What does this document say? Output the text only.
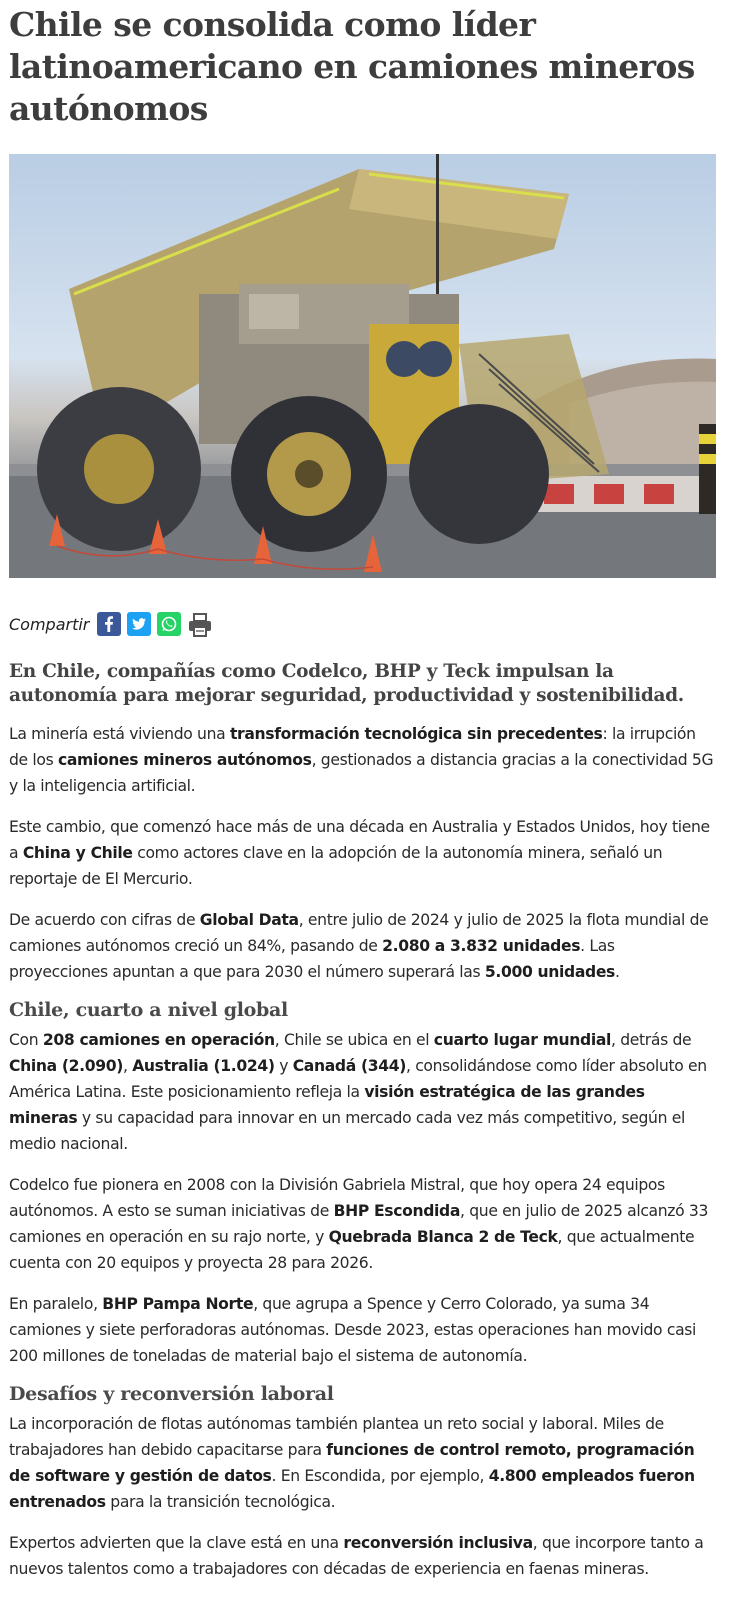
Chile se consolida como líder latinoamericano en camiones mineros autónomos
Compartir
En Chile, compañías como Codelco, BHP y Teck impulsan la autonomía para mejorar seguridad, productividad y sostenibilidad.

La minería está viviendo una transformación tecnológica sin precedentes: la irrupción de los camiones mineros autónomos, gestionados a distancia gracias a la conectividad 5G y la inteligencia artificial.

Este cambio, que comenzó hace más de una década en Australia y Estados Unidos, hoy tiene a China y Chile como actores clave en la adopción de la autonomía minera, señaló un reportaje de El Mercurio.

De acuerdo con cifras de Global Data, entre julio de 2024 y julio de 2025 la flota mundial de camiones autónomos creció un 84%, pasando de 2.080 a 3.832 unidades. Las proyecciones apuntan a que para 2030 el número superará las 5.000 unidades.

Chile, cuarto a nivel global

Con 208 camiones en operación, Chile se ubica en el cuarto lugar mundial, detrás de China (2.090), Australia (1.024) y Canadá (344), consolidándose como líder absoluto en América Latina. Este posicionamiento refleja la visión estratégica de las grandes mineras y su capacidad para innovar en un mercado cada vez más competitivo, según el medio nacional.

Codelco fue pionera en 2008 con la División Gabriela Mistral, que hoy opera 24 equipos autónomos. A esto se suman iniciativas de BHP Escondida, que en julio de 2025 alcanzó 33 camiones en operación en su rajo norte, y Quebrada Blanca 2 de Teck, que actualmente cuenta con 20 equipos y proyecta 28 para 2026.

En paralelo, BHP Pampa Norte, que agrupa a Spence y Cerro Colorado, ya suma 34 camiones y siete perforadoras autónomas. Desde 2023, estas operaciones han movido casi 200 millones de toneladas de material bajo el sistema de autonomía.

Desafíos y reconversión laboral

La incorporación de flotas autónomas también plantea un reto social y laboral. Miles de trabajadores han debido capacitarse para funciones de control remoto, programación de software y gestión de datos. En Escondida, por ejemplo, 4.800 empleados fueron entrenados para la transición tecnológica.

Expertos advierten que la clave está en una reconversión inclusiva, que incorpore tanto a nuevos talentos como a trabajadores con décadas de experiencia en faenas mineras.
